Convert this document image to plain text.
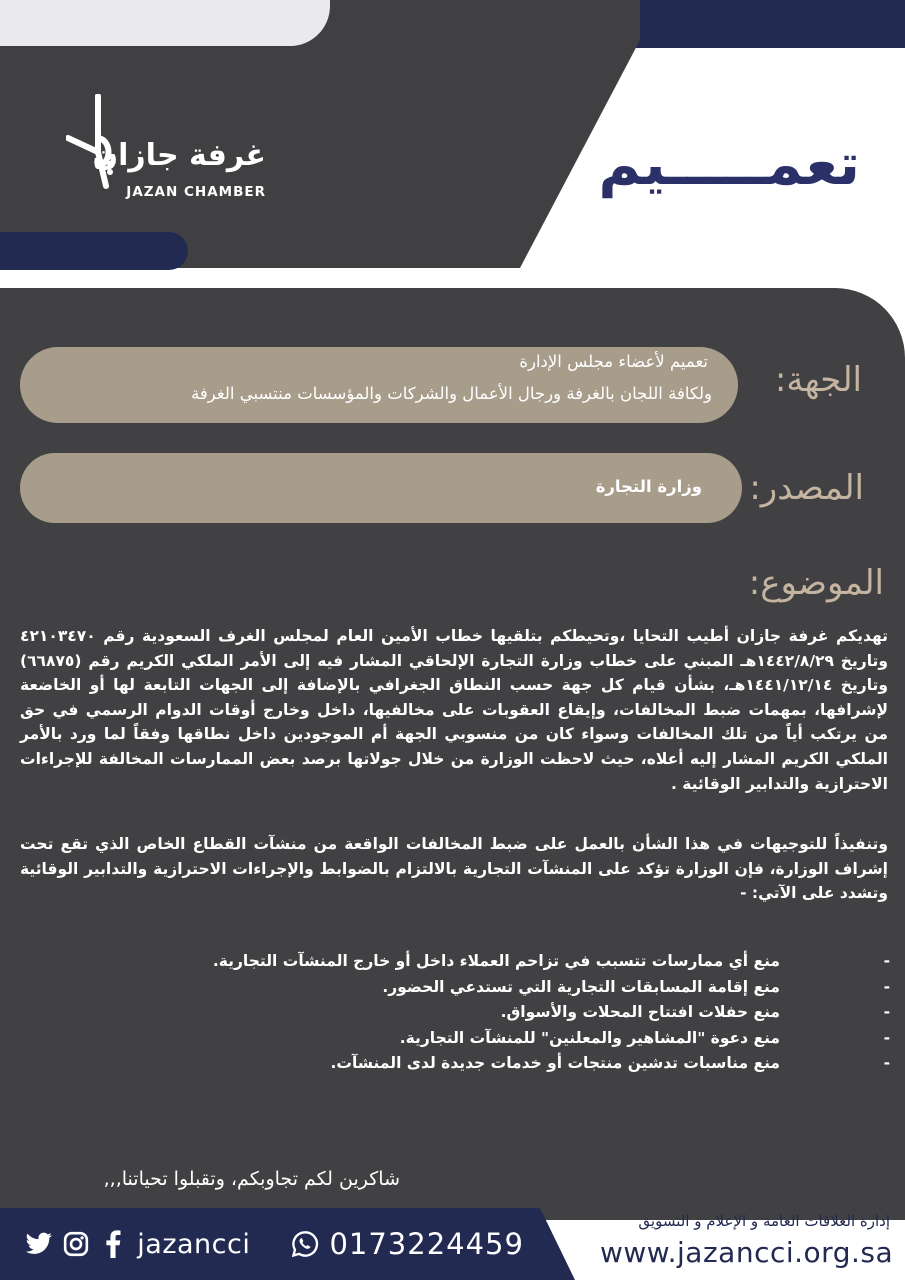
غرفة جازان
JAZAN CHAMBER	تعمـــــيم
الجهة:
تعميم لأعضاء مجلس الإدارة
ولكافة اللجان بالغرفة ورجال الأعمال والشركات والمؤسسات منتسبي الغرفة
المصدر:
وزارة التجارة
الموضوع:

تهديكم غرفة جازان أطيب التحايا ،وتحيطكم بتلقيها خطاب الأمين العام لمجلس الغرف السعودية رقم ٤٢١٠٣٤٧٠ وتاريخ ١٤٤٢/٨/٢٩هـ المبني على خطاب وزارة التجارة الإلحاقي المشار فيه إلى الأمر الملكي الكريم رقم (٦٦٨٧٥) وتاريخ ١٤٤١/١٢/١٤هـ، بشأن قيام كل جهة حسب النطاق الجغرافي بالإضافة إلى الجهات التابعة لها أو الخاضعة لإشرافها، بمهمات ضبط المخالفات، وإيقاع العقوبات على مخالفيها، داخل وخارج أوقات الدوام الرسمي في حق من يرتكب أياً من تلك المخالفات وسواء كان من منسوبي الجهة أم الموجودين داخل نطاقها وفقاً لما ورد بالأمر الملكي الكريم المشار إليه أعلاه، حيث لاحظت الوزارة من خلال جولاتها برصد بعض الممارسات المخالفة للإجراءات الاحترازية والتدابير الوقائية .

وتنفيذاً للتوجيهات في هذا الشأن بالعمل على ضبط المخالفات الواقعة من منشآت القطاع الخاص الذي تقع تحت إشراف الوزارة، فإن الوزارة تؤكد على المنشآت التجارية بالالتزام بالضوابط والإجراءات الاحترازية والتدابير الوقائية وتشدد على الآتي: -

-
منع أي ممارسات تتسبب في تزاحم العملاء داخل أو خارج المنشآت التجارية.
-
منع إقامة المسابقات التجارية التي تستدعي الحضور.
-
منع حفلات افتتاح المحلات والأسواق.
-
منع دعوة "المشاهير والمعلنين" للمنشآت التجارية.
-
منع مناسبات تدشين منتجات أو خدمات جديدة لدى المنشآت.
شاكرين لكم تجاوبكم، وتقبلوا تحياتنا,,,
إدارة العلاقات العامة و الإعلام و التسويق
www.jazancci.org.sa
jazancci	0173224459
